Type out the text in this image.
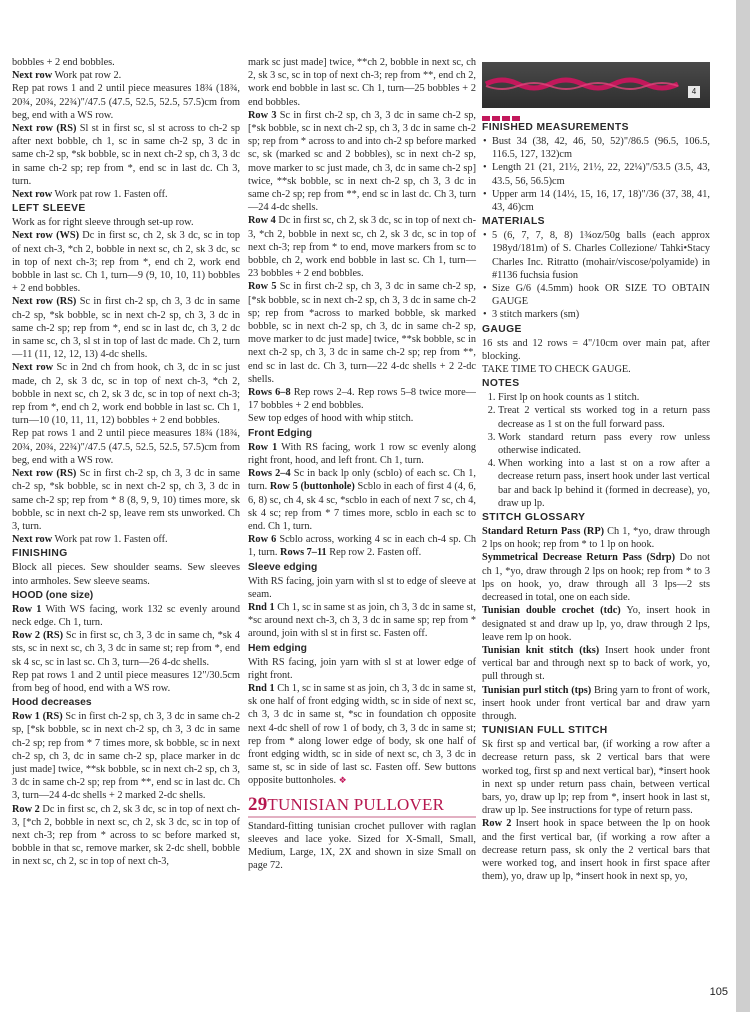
bobbles + 2 end bobbles.

Next row Work pat row 2.

Rep pat rows 1 and 2 until piece measures 18¾ (18¾, 20¾, 20¾, 22¾)"/47.5 (47.5, 52.5, 52.5, 57.5)cm from beg, end with a WS row.

Next row (RS) Sl st in first sc, sl st across to ch-2 sp after next bobble, ch 1, sc in same ch-2 sp, 3 dc in same ch-2 sp, *sk bobble, sc in next ch-2 sp, ch 3, 3 dc in same ch-2 sp; rep from *, end sc in last dc. Ch 3, turn.

Next row Work pat row 1. Fasten off.

LEFT SLEEVE

Work as for right sleeve through set-up row.

Next row (WS) Dc in first sc, ch 2, sk 3 dc, sc in top of next ch-3, *ch 2, bobble in next sc, ch 2, sk 3 dc, sc in top of next ch-3; rep from *, end ch 2, work end bobble in last sc. Ch 1, turn—9 (9, 10, 10, 11) bobbles + 2 end bobbles.

Next row (RS) Sc in first ch-2 sp, ch 3, 3 dc in same ch-2 sp, *sk bobble, sc in next ch-2 sp, ch 3, 3 dc in same ch-2 sp; rep from *, end sc in last dc, ch 3, 2 dc in same sc, ch 3, sl st in top of last dc made. Ch 2, turn—11 (11, 12, 12, 13) 4-dc shells.

Next row Sc in 2nd ch from hook, ch 3, dc in sc just made, ch 2, sk 3 dc, sc in top of next ch-3, *ch 2, bobble in next sc, ch 2, sk 3 dc, sc in top of next ch-3; rep from *, end ch 2, work end bobble in last sc. Ch 1, turn—10 (10, 11, 11, 12) bobbles + 2 end bobbles.

Rep pat rows 1 and 2 until piece measures 18¾ (18¾, 20¾, 20¾, 22¾)"/47.5 (47.5, 52.5, 52.5, 57.5)cm from beg, end with a WS row.

Next row (RS) Sc in first ch-2 sp, ch 3, 3 dc in same ch-2 sp, *sk bobble, sc in next ch-2 sp, ch 3, 3 dc in same ch-2 sp; rep from * 8 (8, 9, 9, 10) times more, sk bobble, sc in next ch-2 sp, leave rem sts unworked. Ch 3, turn.

Next row Work pat row 1. Fasten off.

FINISHING

Block all pieces. Sew shoulder seams. Sew sleeves into armholes. Sew sleeve seams.

HOOD (one size)

Row 1 With WS facing, work 132 sc evenly around neck edge. Ch 1, turn.

Row 2 (RS) Sc in first sc, ch 3, 3 dc in same ch, *sk 4 sts, sc in next sc, ch 3, 3 dc in same st; rep from *, end sk 4 sc, sc in last sc. Ch 3, turn—26 4-dc shells.

Rep pat rows 1 and 2 until piece measures 12"/30.5cm from beg of hood, end with a WS row.

Hood decreases

Row 1 (RS) Sc in first ch-2 sp, ch 3, 3 dc in same ch-2 sp, [*sk bobble, sc in next ch-2 sp, ch 3, 3 dc in same ch-2 sp; rep from * 7 times more, sk bobble, sc in next ch-2 sp, ch 3, dc in same ch-2 sp, place marker in dc just made] twice, **sk bobble, sc in next ch-2 sp, ch 3, 3 dc in same ch-2 sp; rep from **, end sc in last dc. Ch 3, turn—24 4-dc shells + 2 marked 2-dc shells.

Row 2 Dc in first sc, ch 2, sk 3 dc, sc in top of next ch-3, [*ch 2, bobble in next sc, ch 2, sk 3 dc, sc in top of next ch-3; rep from * across to sc before marked st, bobble in that sc, remove marker, sk 2-dc shell, bobble in next sc, ch 2, sc in top of next ch-3,

mark sc just made] twice, **ch 2, bobble in next sc, ch 2, sk 3 sc, sc in top of next ch-3; rep from **, end ch 2, work end bobble in last sc. Ch 1, turn—25 bobbles + 2 end bobbles.

Row 3 Sc in first ch-2 sp, ch 3, 3 dc in same ch-2 sp, [*sk bobble, sc in next ch-2 sp, ch 3, 3 dc in same ch-2 sp; rep from * across to and into ch-2 sp before marked sc, sk (marked sc and 2 bobbles), sc in next ch-2 sp, move marker to sc just made, ch 3, dc in same ch-2 sp] twice, **sk bobble, sc in next ch-2 sp, ch 3, 3 dc in same ch-2 sp; rep from **, end sc in last dc. Ch 3, turn—24 4-dc shells.

Row 4 Dc in first sc, ch 2, sk 3 dc, sc in top of next ch-3, *ch 2, bobble in next sc, ch 2, sk 3 dc, sc in top of next ch-3; rep from * to end, move markers from sc to bobble, ch 2, work end bobble in last sc. Ch 1, turn—23 bobbles + 2 end bobbles.

Row 5 Sc in first ch-2 sp, ch 3, 3 dc in same ch-2 sp, [*sk bobble, sc in next ch-2 sp, ch 3, 3 dc in same ch-2 sp; rep from *across to marked bobble, sk marked bobble, sc in next ch-2 sp, ch 3, dc in same ch-2 sp, move marker to dc just made] twice, **sk bobble, sc in next ch-2 sp, ch 3, 3 dc in same ch-2 sp; rep from **, end sc in last dc. Ch 3, turn—22 4-dc shells + 2 2-dc shells.

Rows 6–8 Rep rows 2–4. Rep rows 5–8 twice more—17 bobbles + 2 end bobbles.

Sew top edges of hood with whip stitch.

Front Edging

Row 1 With RS facing, work 1 row sc evenly along right front, hood, and left front. Ch 1, turn.

Rows 2–4 Sc in back lp only (scblo) of each sc. Ch 1, turn. Row 5 (buttonhole) Scblo in each of first 4 (4, 6, 6, 8) sc, ch 4, sk 4 sc, *scblo in each of next 7 sc, ch 4, sk 4 sc; rep from * 7 times more, scblo in each sc to end. Ch 1, turn.

Row 6 Scblo across, working 4 sc in each ch-4 sp. Ch 1, turn. Rows 7–11 Rep row 2. Fasten off.

Sleeve edging

With RS facing, join yarn with sl st to edge of sleeve at seam.

Rnd 1 Ch 1, sc in same st as join, ch 3, 3 dc in same st, *sc around next ch-3, ch 3, 3 dc in same sp; rep from * around, join with sl st in first sc. Fasten off.

Hem edging

With RS facing, join yarn with sl st at lower edge of right front.

Rnd 1 Ch 1, sc in same st as join, ch 3, 3 dc in same st, sk one half of front edging width, sc in side of next sc, ch 3, 3 dc in same st, *sc in foundation ch opposite next 4-dc shell of row 1 of body, ch 3, 3 dc in same st; rep from * along lower edge of body, sk one half of front edging width, sc in side of next sc, ch 3, 3 dc in same st, sc in side of last sc. Fasten off. Sew buttons opposite buttonholes. ❖

29TUNISIAN PULLOVER

Standard-fitting tunisian crochet pullover with raglan sleeves and lace yoke. Sized for X-Small, Small, Medium, Large, 1X, 2X and shown in size Small on page 72.

4
FINISHED MEASUREMENTS
• Bust 34 (38, 42, 46, 50, 52)"/86.5 (96.5, 106.5, 116.5, 127, 132)cm
• Length 21 (21, 21½, 21½, 22, 22¼)"/53.5 (3.5, 43, 43.5, 56, 56.5)cm
• Upper arm 14 (14½, 15, 16, 17, 18)"/36 (37, 38, 41, 43, 46)cm
MATERIALS
• 5 (6, 7, 7, 8, 8) 1¾oz/50g balls (each approx 198yd/181m) of S. Charles Collezione/ Tahki•Stacy Charles Inc. Ritratto (mohair/viscose/polyamide) in #1136 fuchsia fusion
• Size G/6 (4.5mm) hook OR SIZE TO OBTAIN GAUGE
• 3 stitch markers (sm)
GAUGE

16 sts and 12 rows = 4"/10cm over main pat, after blocking.

TAKE TIME TO CHECK GAUGE.

NOTES
1. First lp on hook counts as 1 stitch.
2. Treat 2 vertical sts worked tog in a return pass decrease as 1 st on the full forward pass.
3. Work standard return pass every row unless otherwise indicated.
4. When working into a last st on a row after a decrease return pass, insert hook under last vertical bar and back lp behind it (formed in decrease), yo, draw up lp.
STITCH GLOSSARY

Standard Return Pass (RP) Ch 1, *yo, draw through 2 lps on hook; rep from * to 1 lp on hook.

Symmetrical Decrease Return Pass (Sdrp) Do not ch 1, *yo, draw through 2 lps on hook; rep from * to 3 lps on hook, yo, draw through all 3 lps—2 sts decreased in total, one on each side.

Tunisian double crochet (tdc) Yo, insert hook in designated st and draw up lp, yo, draw through 2 lps, leave rem lp on hook.

Tunisian knit stitch (tks) Insert hook under front vertical bar and through next sp to back of work, yo, pull through st.

Tunisian purl stitch (tps) Bring yarn to front of work, insert hook under front vertical bar and draw yarn through.

TUNISIAN FULL STITCH

Sk first sp and vertical bar, (if working a row after a decrease return pass, sk 2 vertical bars that were worked tog, first sp and next vertical bar), *insert hook in next sp under return pass chain, between vertical bars, yo, draw up lp; rep from *, insert hook in last st, draw up lp. See instructions for type of return pass.

Row 2 Insert hook in space between the lp on hook and the first vertical bar, (if working a row after a decrease return pass, sk only the 2 vertical bars that were worked tog, and insert hook in first space after them), yo, draw up lp, *insert hook in next sp, yo,

105
